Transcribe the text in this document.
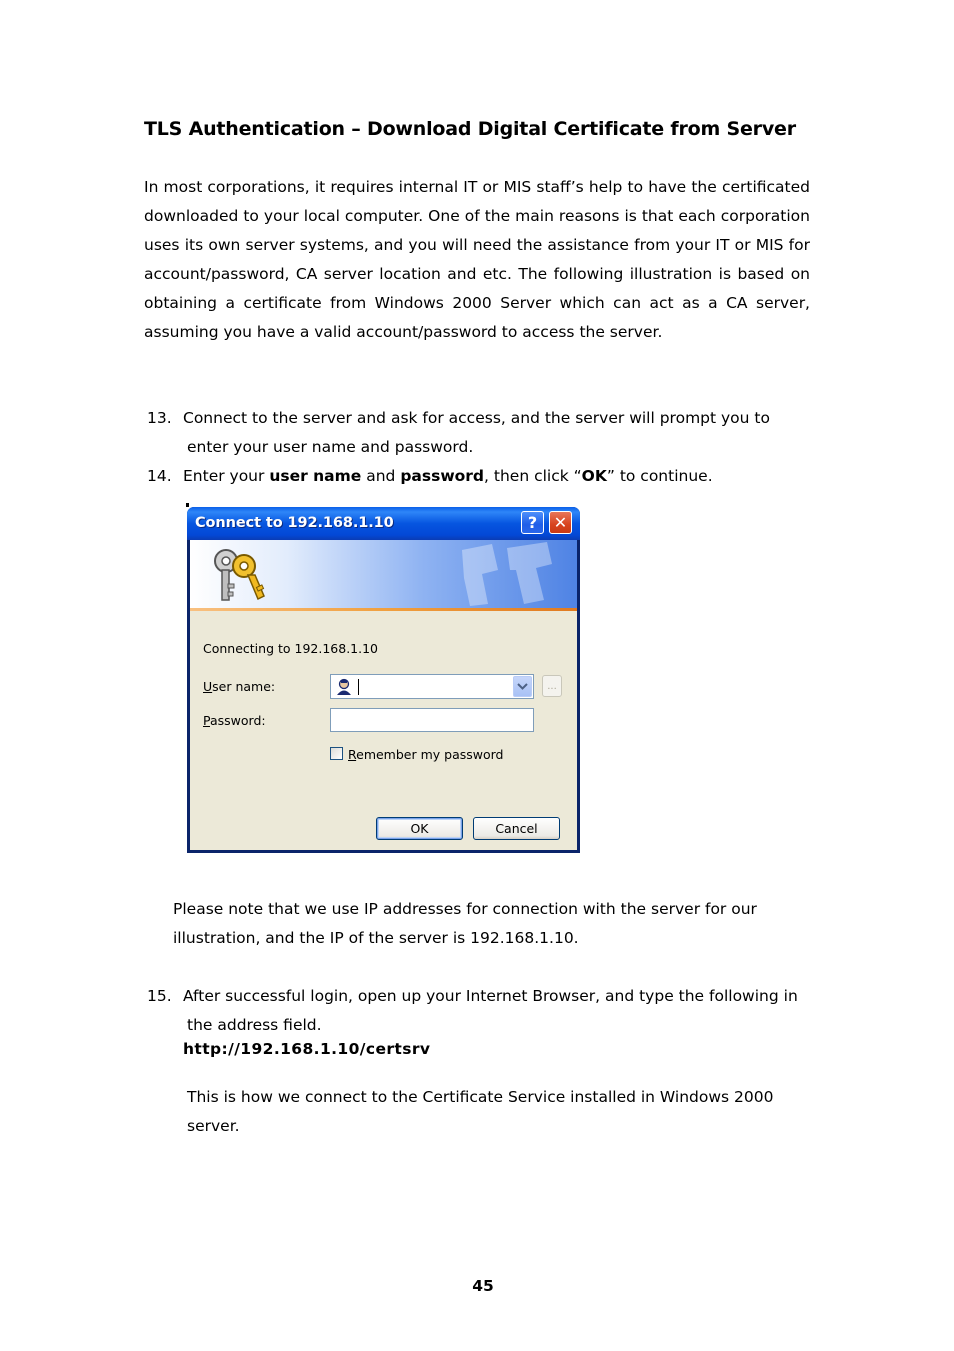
TLS Authentication – Download Digital Certificate from Server

In most corporations, it requires internal IT or MIS staff’s help to have the certificated downloaded to your local computer. One of the main reasons is that each corporation uses its own server systems, and you will need the assistance from your IT or MIS for account/password, CA server location and etc. The following illustration is based on obtaining a certificate from Windows 2000 Server which can act as a CA server, assuming you have a valid account/password to access the server.

13. Connect to the server and ask for access, and the server will prompt you to
enter your user name and password.
14. Enter your user name and password, then click “OK” to continue.
Connect to 192.168.1.10	?	✕
Connecting to 192.168.1.10
User name:	...
Password:
Remember my password
OK	Cancel

Please note that we use IP addresses for connection with the server for our illustration, and the IP of the server is 192.168.1.10.

15. After successful login, open up your Internet Browser, and type the following in
the address field.
http://192.168.1.10/certsrv

This is how we connect to the Certificate Service installed in Windows 2000 server.

45
